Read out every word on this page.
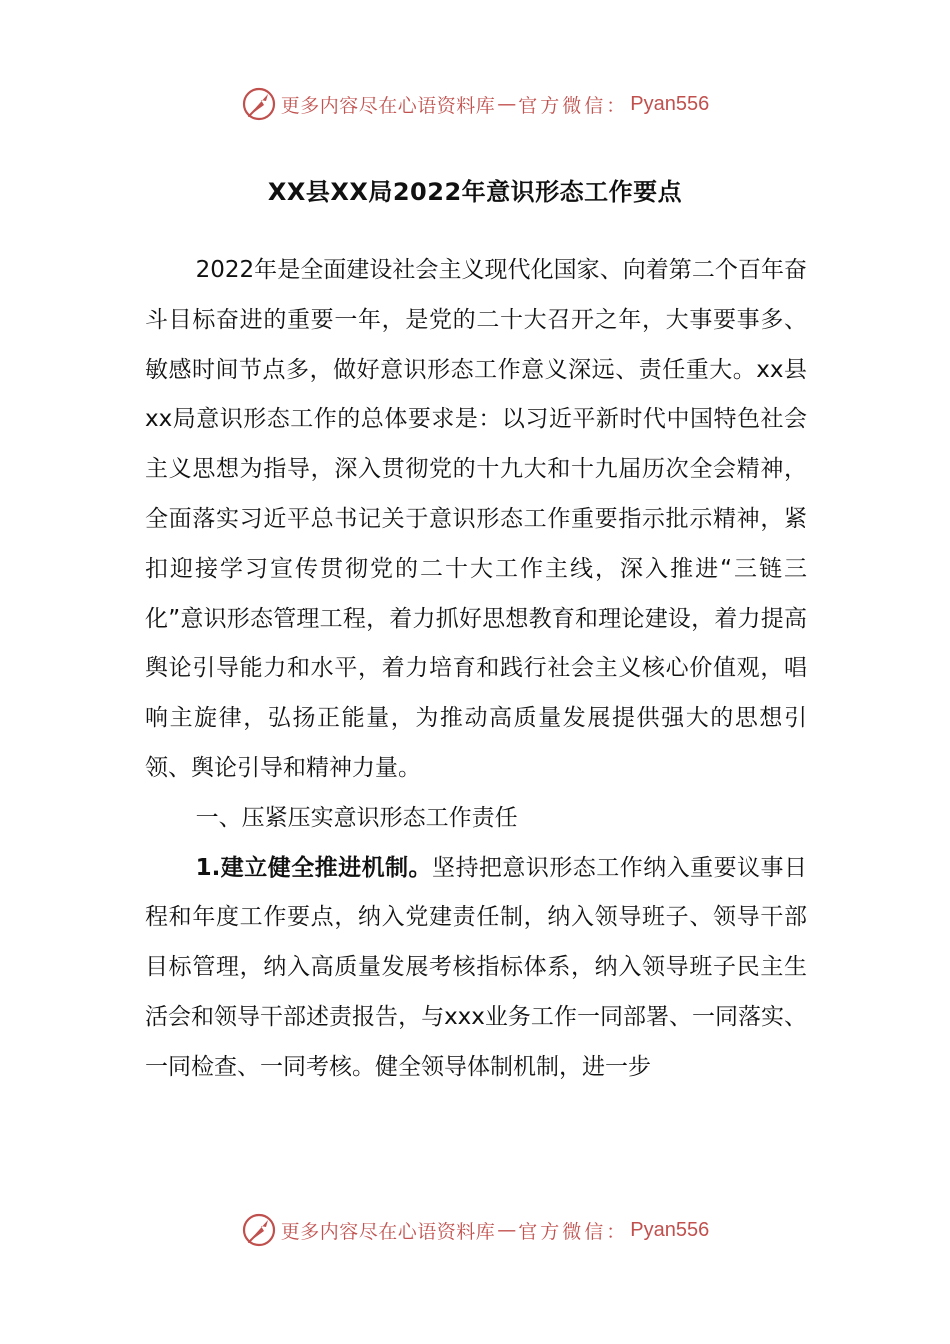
更多内容尽在心语资料库 — 官方微信： Pyan556
XX县XX局2022年意识形态工作要点

2022年是全面建设社会主义现代化国家、向着第二个百年奋斗目标奋进的重要一年，是党的二十大召开之年，大事要事多、敏感时间节点多，做好意识形态工作意义深远、责任重大。xx县xx局意识形态工作的总体要求是：以习近平新时代中国特色社会主义思想为指导，深入贯彻党的十九大和十九届历次全会精神，全面落实习近平总书记关于意识形态工作重要指示批示精神，紧扣迎接学习宣传贯彻党的二十大工作主线，深入推进“三链三化”意识形态管理工程，着力抓好思想教育和理论建设，着力提高舆论引导能力和水平，着力培育和践行社会主义核心价值观，唱响主旋律，弘扬正能量，为推动高质量发展提供强大的思想引领、舆论引导和精神力量。

一、压紧压实意识形态工作责任

1.建立健全推进机制。坚持把意识形态工作纳入重要议事日程和年度工作要点，纳入党建责任制，纳入领导班子、领导干部目标管理，纳入高质量发展考核指标体系，纳入领导班子民主生活会和领导干部述责报告，与xxx业务工作一同部署、一同落实、一同检查、一同考核。健全领导体制机制，进一步

更多内容尽在心语资料库 — 官方微信： Pyan556
